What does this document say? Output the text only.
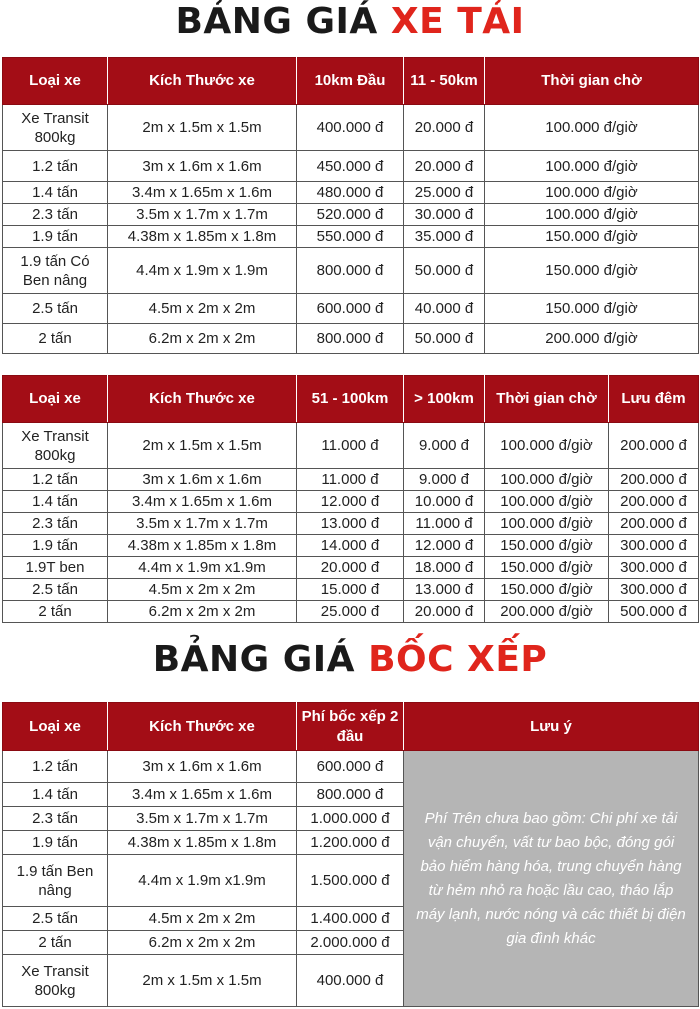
BẢNG GIÁ XE TẢI
Loại xe	Kích Thước xe	10km Đầu	11 - 50km	Thời gian chờ
Xe Transit 800kg	2m x 1.5m x 1.5m	400.000 đ	20.000 đ	100.000 đ/giờ
1.2 tấn	3m x 1.6m x 1.6m	450.000 đ	20.000 đ	100.000 đ/giờ
1.4 tấn	3.4m x 1.65m x 1.6m	480.000 đ	25.000 đ	100.000 đ/giờ
2.3 tấn	3.5m x 1.7m x 1.7m	520.000 đ	30.000 đ	100.000 đ/giờ
1.9 tấn	4.38m x 1.85m x 1.8m	550.000 đ	35.000 đ	150.000 đ/giờ
1.9 tấn Có Ben nâng	4.4m x 1.9m x 1.9m	800.000 đ	50.000 đ	150.000 đ/giờ
2.5 tấn	4.5m x 2m x 2m	600.000 đ	40.000 đ	150.000 đ/giờ
2 tấn	6.2m x 2m x 2m	800.000 đ	50.000 đ	200.000 đ/giờ
Loại xe	Kích Thước xe	51 - 100km	> 100km	Thời gian chờ	Lưu đêm
Xe Transit 800kg	2m x 1.5m x 1.5m	11.000 đ	9.000 đ	100.000 đ/giờ	200.000 đ
1.2 tấn	3m x 1.6m x 1.6m	11.000 đ	9.000 đ	100.000 đ/giờ	200.000 đ
1.4 tấn	3.4m x 1.65m x 1.6m	12.000 đ	10.000 đ	100.000 đ/giờ	200.000 đ
2.3 tấn	3.5m x 1.7m x 1.7m	13.000 đ	11.000 đ	100.000 đ/giờ	200.000 đ
1.9 tấn	4.38m x 1.85m x 1.8m	14.000 đ	12.000 đ	150.000 đ/giờ	300.000 đ
1.9T ben	4.4m x 1.9m x1.9m	20.000 đ	18.000 đ	150.000 đ/giờ	300.000 đ
2.5 tấn	4.5m x 2m x 2m	15.000 đ	13.000 đ	150.000 đ/giờ	300.000 đ
2 tấn	6.2m x 2m x 2m	25.000 đ	20.000 đ	200.000 đ/giờ	500.000 đ
BẢNG GIÁ BỐC XẾP
Loại xe	Kích Thước xe	Phí bốc xếp 2 đầu	Lưu ý
1.2 tấn	3m x 1.6m x 1.6m	600.000 đ	Phí Trên chưa bao gồm: Chi phí xe tải vận chuyển, vất tư bao bộc, đóng gói bảo hiểm hàng hóa, trung chuyển hàng từ hẻm nhỏ ra hoặc lầu cao, tháo lắp máy lạnh, nước nóng và các thiết bị điện gia đình khác
1.4 tấn	3.4m x 1.65m x 1.6m	800.000 đ	
2.3 tấn	3.5m x 1.7m x 1.7m	1.000.000 đ	
1.9 tấn	4.38m x 1.85m x 1.8m	1.200.000 đ	
1.9 tấn Ben nâng	4.4m x 1.9m x1.9m	1.500.000 đ	
2.5 tấn	4.5m x 2m x 2m	1.400.000 đ	
2 tấn	6.2m x 2m x 2m	2.000.000 đ	
Xe Transit 800kg	2m x 1.5m x 1.5m	400.000 đ	
